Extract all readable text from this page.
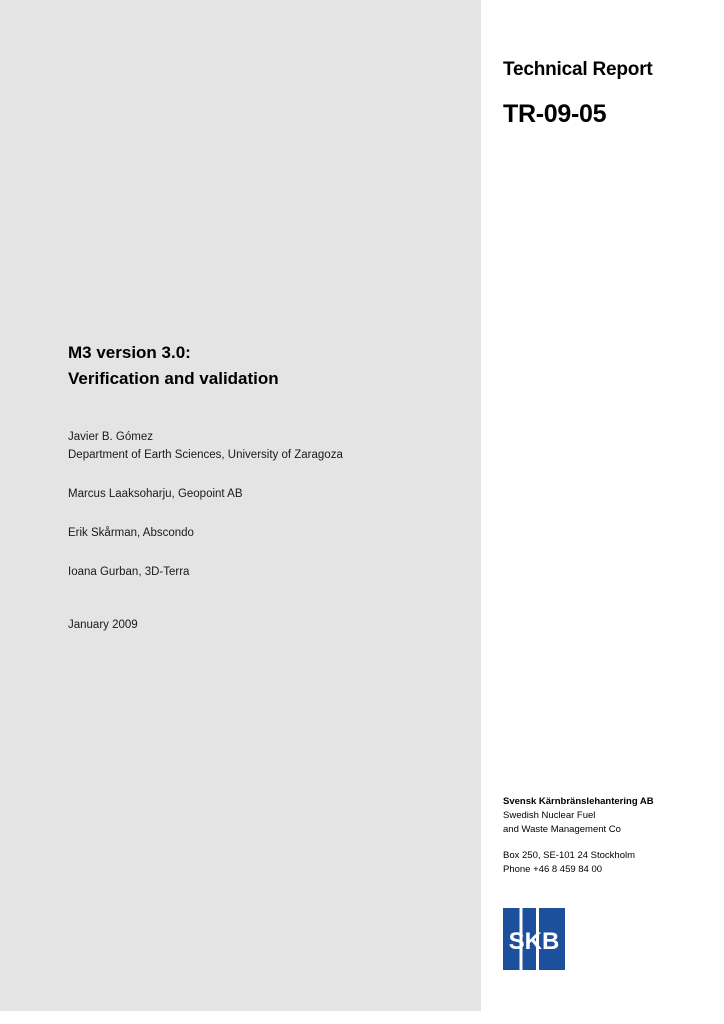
Technical Report
TR-09-05
M3 version 3.0:
Verification and validation
Javier B. Gómez
Department of Earth Sciences, University of Zaragoza
Marcus Laaksoharju, Geopoint AB
Erik Skårman, Abscondo
Ioana Gurban, 3D-Terra
January 2009
Svensk Kärnbränslehantering AB
Swedish Nuclear Fuel
and Waste Management Co
Box 250, SE-101 24 Stockholm
Phone +46 8 459 84 00
SKB
